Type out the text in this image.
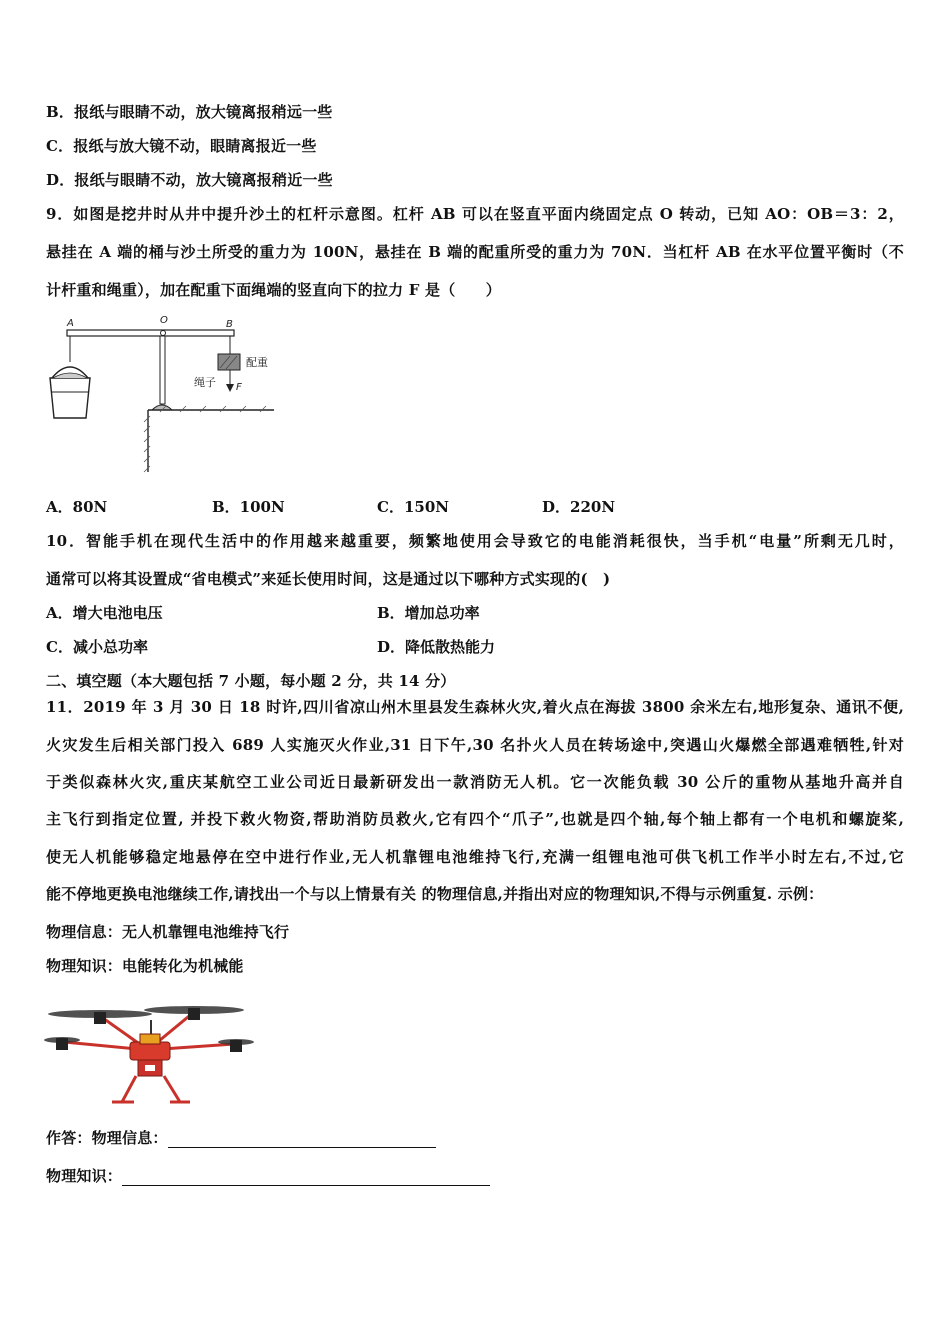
B．报纸与眼睛不动，放大镜离报稍远一些
C．报纸与放大镜不动，眼睛离报近一些
D．报纸与眼睛不动，放大镜离报稍近一些
9．如图是挖井时从井中提升沙土的杠杆示意图。杠杆 AB 可以在竖直平面内绕固定点 O 转动，已知 AO：OB＝3：2，
悬挂在 A 端的桶与沙土所受的重力为 100N，悬挂在 B 端的配重所受的重力为 70N．当杠杆 AB 在水平位置平衡时（不
计杆重和绳重），加在配重下面绳端的竖直向下的拉力 F 是（　　）
A	O	B
配重
绳子 F
A．80N	B．100N	C．150N	D．220N
10．智能手机在现代生活中的作用越来越重要，频繁地使用会导致它的电能消耗很快，当手机“电量”所剩无几时，
通常可以将其设置成“省电模式”来延长使用时间，这是通过以下哪种方式实现的(　)
A．增大电池电压	B．增加总功率
C．减小总功率	D．降低散热能力
二、填空题（本大题包括 7 小题，每小题 2 分，共 14 分）
11．2019 年 3 月 30 日 18 时许,四川省凉山州木里县发生森林火灾,着火点在海拔 3800 余米左右,地形复杂、通讯不便,
火灾发生后相关部门投入 689 人实施灭火作业,31 日下午,30 名扑火人员在转场途中,突遇山火爆燃全部遇难牺牲,针对
于类似森林火灾,重庆某航空工业公司近日最新研发出一款消防无人机。它一次能负载 30 公斤的重物从基地升高并自
主飞行到指定位置, 并投下救火物资,帮助消防员救火,它有四个“爪子”,也就是四个轴,每个轴上都有一个电机和螺旋桨,
使无人机能够稳定地悬停在空中进行作业,无人机靠锂电池维持飞行,充满一组锂电池可供飞机工作半小时左右,不过,它
能不停地更换电池继续工作,请找出一个与以上情景有关 的物理信息,并指出对应的物理知识,不得与示例重复. 示例：
物理信息：无人机靠锂电池维持飞行
物理知识：电能转化为机械能
作答：物理信息：
物理知识：
